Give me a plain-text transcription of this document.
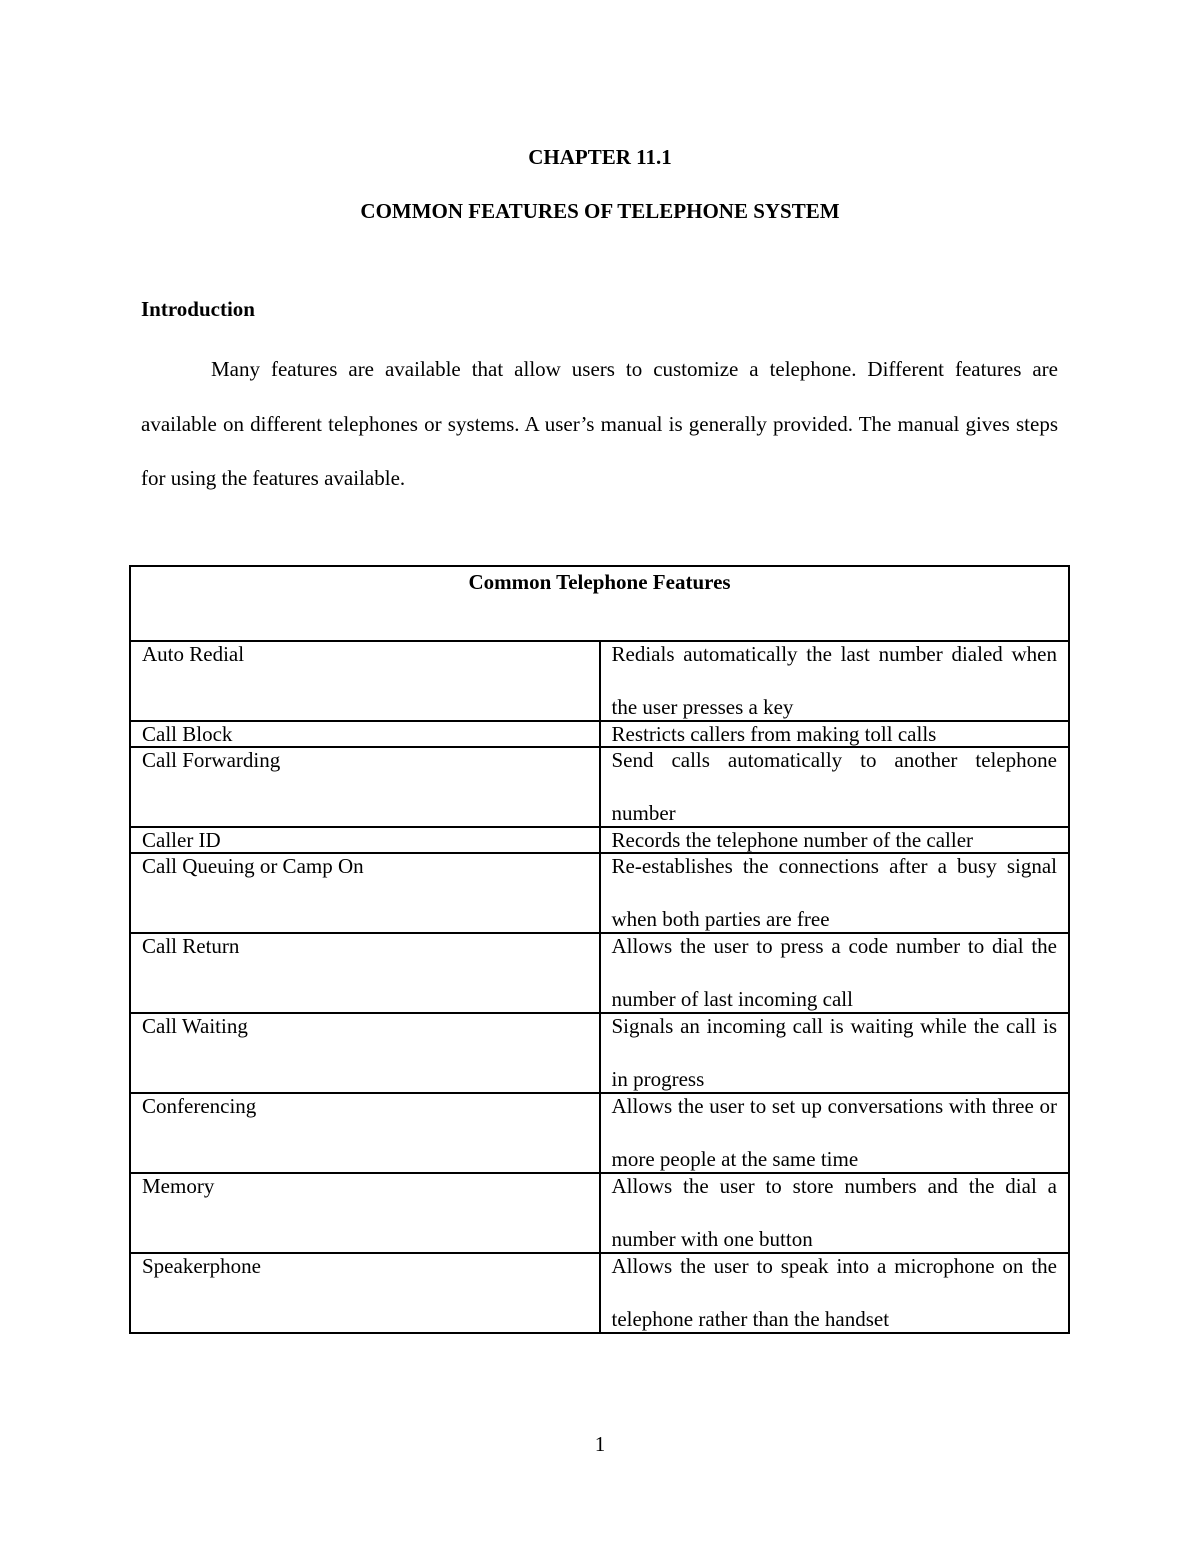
CHAPTER 11.1
COMMON FEATURES OF TELEPHONE SYSTEM
Introduction

Many features are available that allow users to customize a telephone. Different features are available on different telephones or systems. A user’s manual is generally provided. The manual gives steps for using the features available.

Common Telephone Features	
Auto Redial	Redials automatically the last number dialed when the user presses a key

Call Block	Restricts callers from making toll calls
Call Forwarding	Send calls automatically to another telephone number

Caller ID	Records the telephone number of the caller
Call Queuing or Camp On	Re-establishes the connections after a busy signal when both parties are free

Call Return	Allows the user to press a code number to dial the number of last incoming call

Call Waiting	Signals an incoming call is waiting while the call is in progress

Conferencing	Allows the user to set up conversations with three or more people at the same time

Memory	Allows the user to store numbers and the dial a number with one button

Speakerphone	Allows the user to speak into a microphone on the telephone rather than the handset

1
